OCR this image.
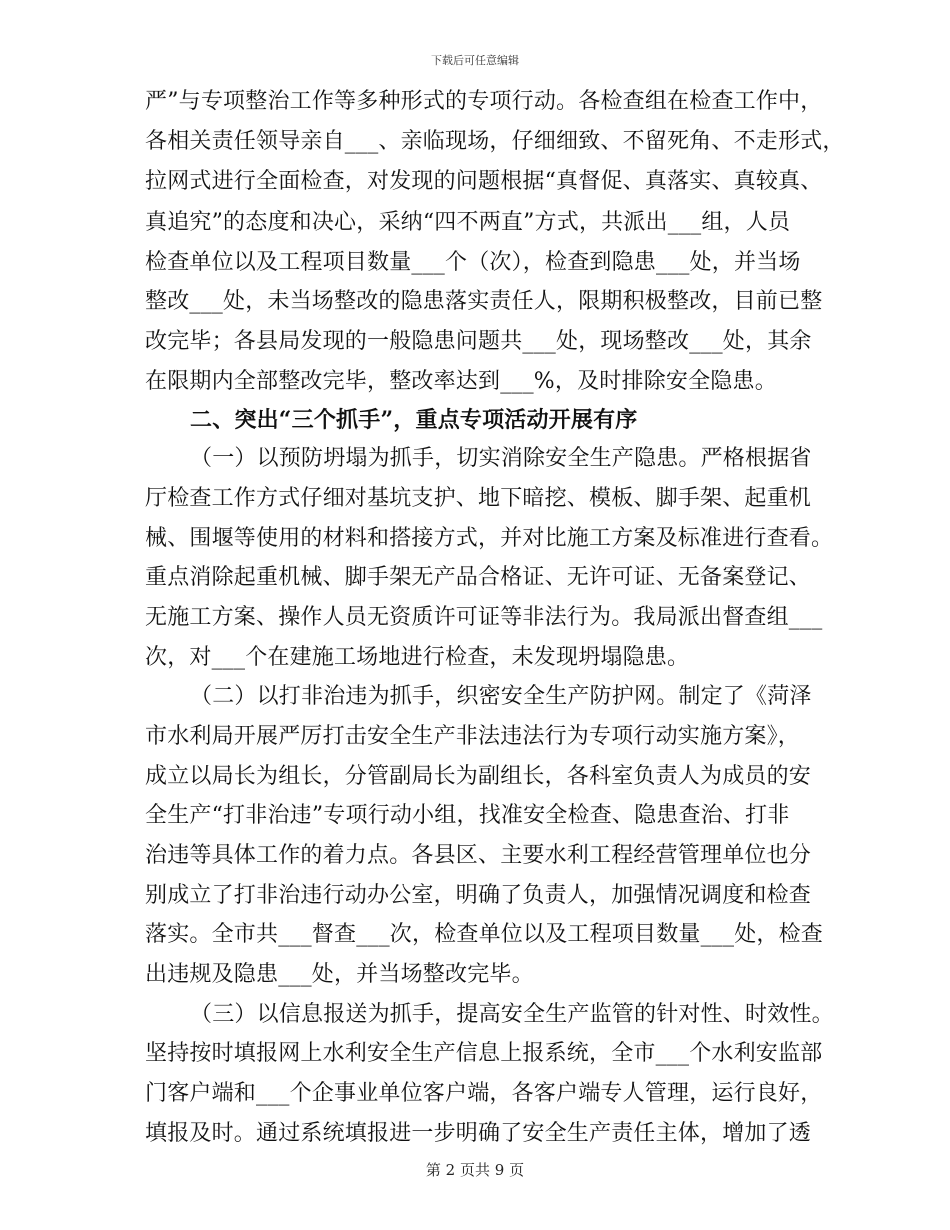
下载后可任意编辑
严”与专项整治工作等多种形式的专项行动。各检查组在检查工作中，
各相关责任领导亲自___、亲临现场，仔细细致、不留死角、不走形式，
拉网式进行全面检查，对发现的问题根据“真督促、真落实、真较真、
真追究”的态度和决心，采纳“四不两直”方式，共派出___组，人员
检查单位以及工程项目数量___个（次），检查到隐患___处，并当场
整改___处，未当场整改的隐患落实责任人，限期积极整改，目前已整
改完毕；各县局发现的一般隐患问题共___处，现场整改___处，其余
在限期内全部整改完毕，整改率达到___%，及时排除安全隐患。
二、突出“三个抓手”，重点专项活动开展有序
（一）以预防坍塌为抓手，切实消除安全生产隐患。严格根据省
厅检查工作方式仔细对基坑支护、地下暗挖、模板、脚手架、起重机
械、围堰等使用的材料和搭接方式，并对比施工方案及标准进行查看。
重点消除起重机械、脚手架无产品合格证、无许可证、无备案登记、
无施工方案、操作人员无资质许可证等非法行为。我局派出督查组___
次，对___个在建施工场地进行检查，未发现坍塌隐患。
（二）以打非治违为抓手，织密安全生产防护网。制定了《菏泽
市水利局开展严厉打击安全生产非法违法行为专项行动实施方案》，
成立以局长为组长，分管副局长为副组长，各科室负责人为成员的安
全生产“打非治违”专项行动小组，找准安全检查、隐患查治、打非
治违等具体工作的着力点。各县区、主要水利工程经营管理单位也分
别成立了打非治违行动办公室，明确了负责人，加强情况调度和检查
落实。全市共___督查___次，检查单位以及工程项目数量___处，检查
出违规及隐患___处，并当场整改完毕。
（三）以信息报送为抓手，提高安全生产监管的针对性、时效性。
坚持按时填报网上水利安全生产信息上报系统，全市___个水利安监部
门客户端和___个企事业单位客户端，各客户端专人管理，运行良好，
填报及时。通过系统填报进一步明确了安全生产责任主体，增加了透
第 2 页共 9 页
